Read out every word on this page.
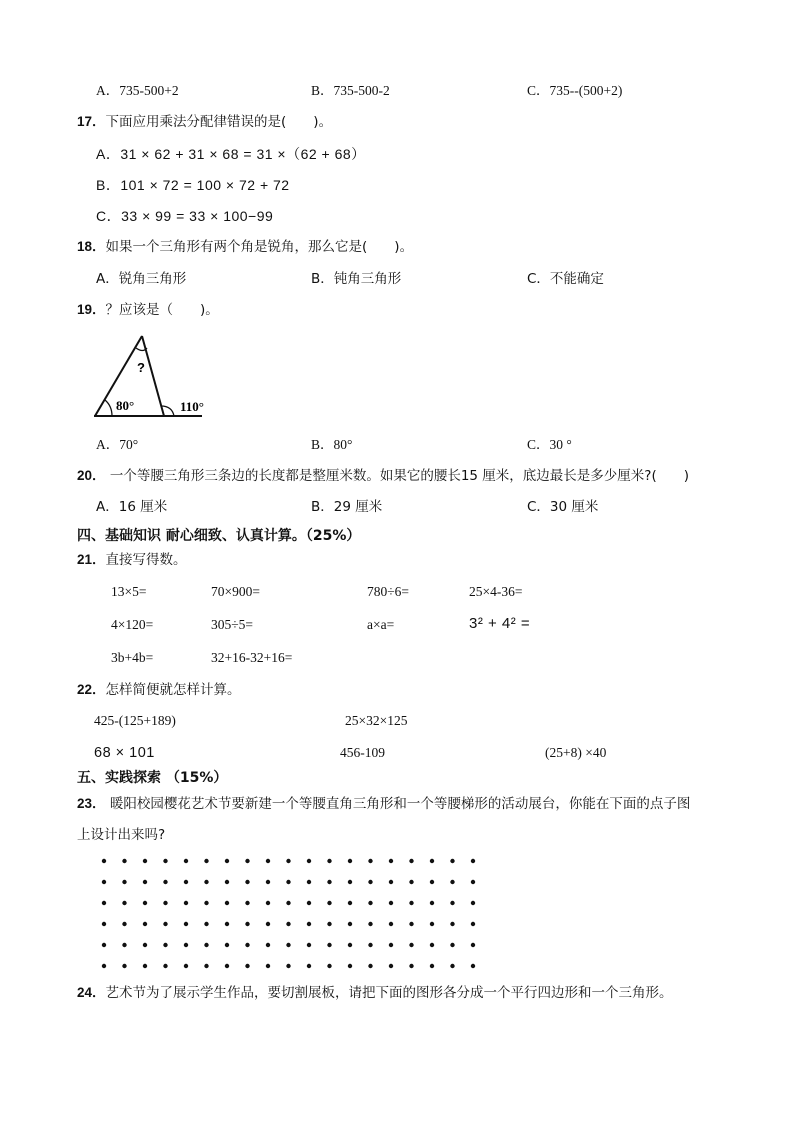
A．735-500+2	B．735-500-2	C．735--(500+2)
17．下面应用乘法分配律错误的是(　　)。
A．31 × 62 + 31 × 68 = 31 ×（62 + 68）
B．101 × 72 = 100 × 72 + 72
C．33 × 99 = 33 × 100−99
18．如果一个三角形有两个角是锐角，那么它是(　　)。
A．锐角三角形	B．钝角三角形	C．不能确定
19．？应该是（　　)。
?
80°	110°
A．70°	B．80°	C．30 °
20． 一个等腰三角形三条边的长度都是整厘米数。如果它的腰长15 厘米，底边最长是多少厘米?(　　)
A．16 厘米	B．29 厘米	C．30 厘米
四、基础知识 耐心细致、认真计算。（25%）
21．直接写得数。
13×5=	70×900=	780÷6=	25×4-36=
4×120=	305÷5=	a×a=	3² + 4² =
3b+4b=	32+16-32+16=
22．怎样简便就怎样计算。
425-(125+189)	25×32×125
68 × 101	456-109	(25+8) ×40
五、实践探索 （15%）
23． 暖阳校园樱花艺术节要新建一个等腰直角三角形和一个等腰梯形的活动展台，你能在下面的点子图
上设计出来吗?
24．艺术节为了展示学生作品，要切割展板，请把下面的图形各分成一个平行四边形和一个三角形。
